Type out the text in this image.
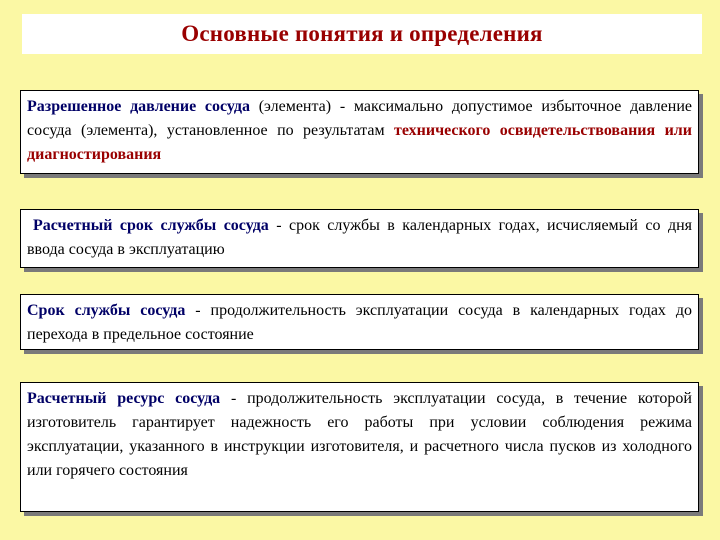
Основные понятия и определения
Разрешенное давление сосуда (элемента) - максимально допустимое избыточное давление сосуда (элемента), установленное по результатам технического освидетельствования или диагностирования
Расчетный срок службы сосуда - срок службы в календарных годах, исчисляемый со дня ввода сосуда в эксплуатацию
Срок службы сосуда - продолжительность эксплуатации сосуда в календарных годах до перехода в предельное состояние
Расчетный ресурс сосуда - продолжительность эксплуатации сосуда, в течение которой изготовитель гарантирует надежность его работы при условии соблюдения режима эксплуатации, указанного в инструкции изготовителя, и расчетного числа пусков из холодного или горячего состояния
